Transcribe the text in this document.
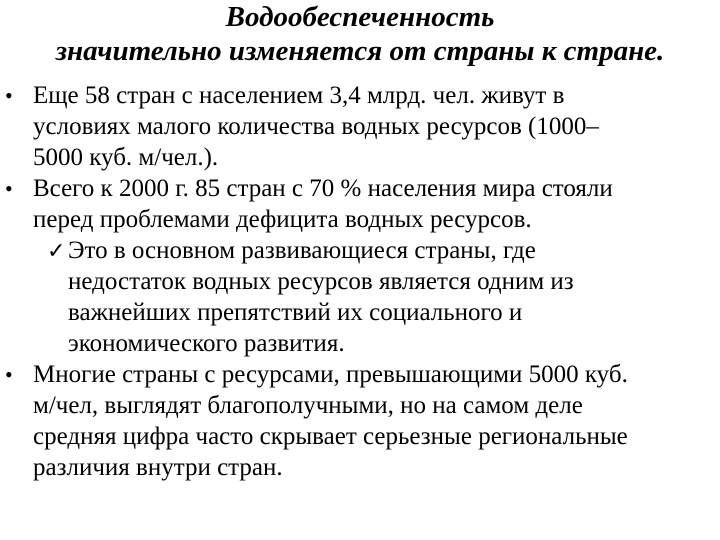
Водообеспеченность
значительно изменяется от страны к стране.
• Еще 58 стран с населением 3,4 млрд. чел. живут в
условиях малого количества водных ресурсов (1000–
5000 куб. м/чел.).
• Всего к 2000 г. 85 стран с 70 % населения мира стояли
перед проблемами дефицита водных ресурсов.
✓ Это в основном развивающиеся страны, где
недостаток водных ресурсов является одним из
важнейших препятствий их социального и
экономического развития.
• Многие страны с ресурсами, превышающими 5000 куб.
м/чел, выглядят благополучными, но на самом деле
средняя цифра часто скрывает серьезные региональные
различия внутри стран.
